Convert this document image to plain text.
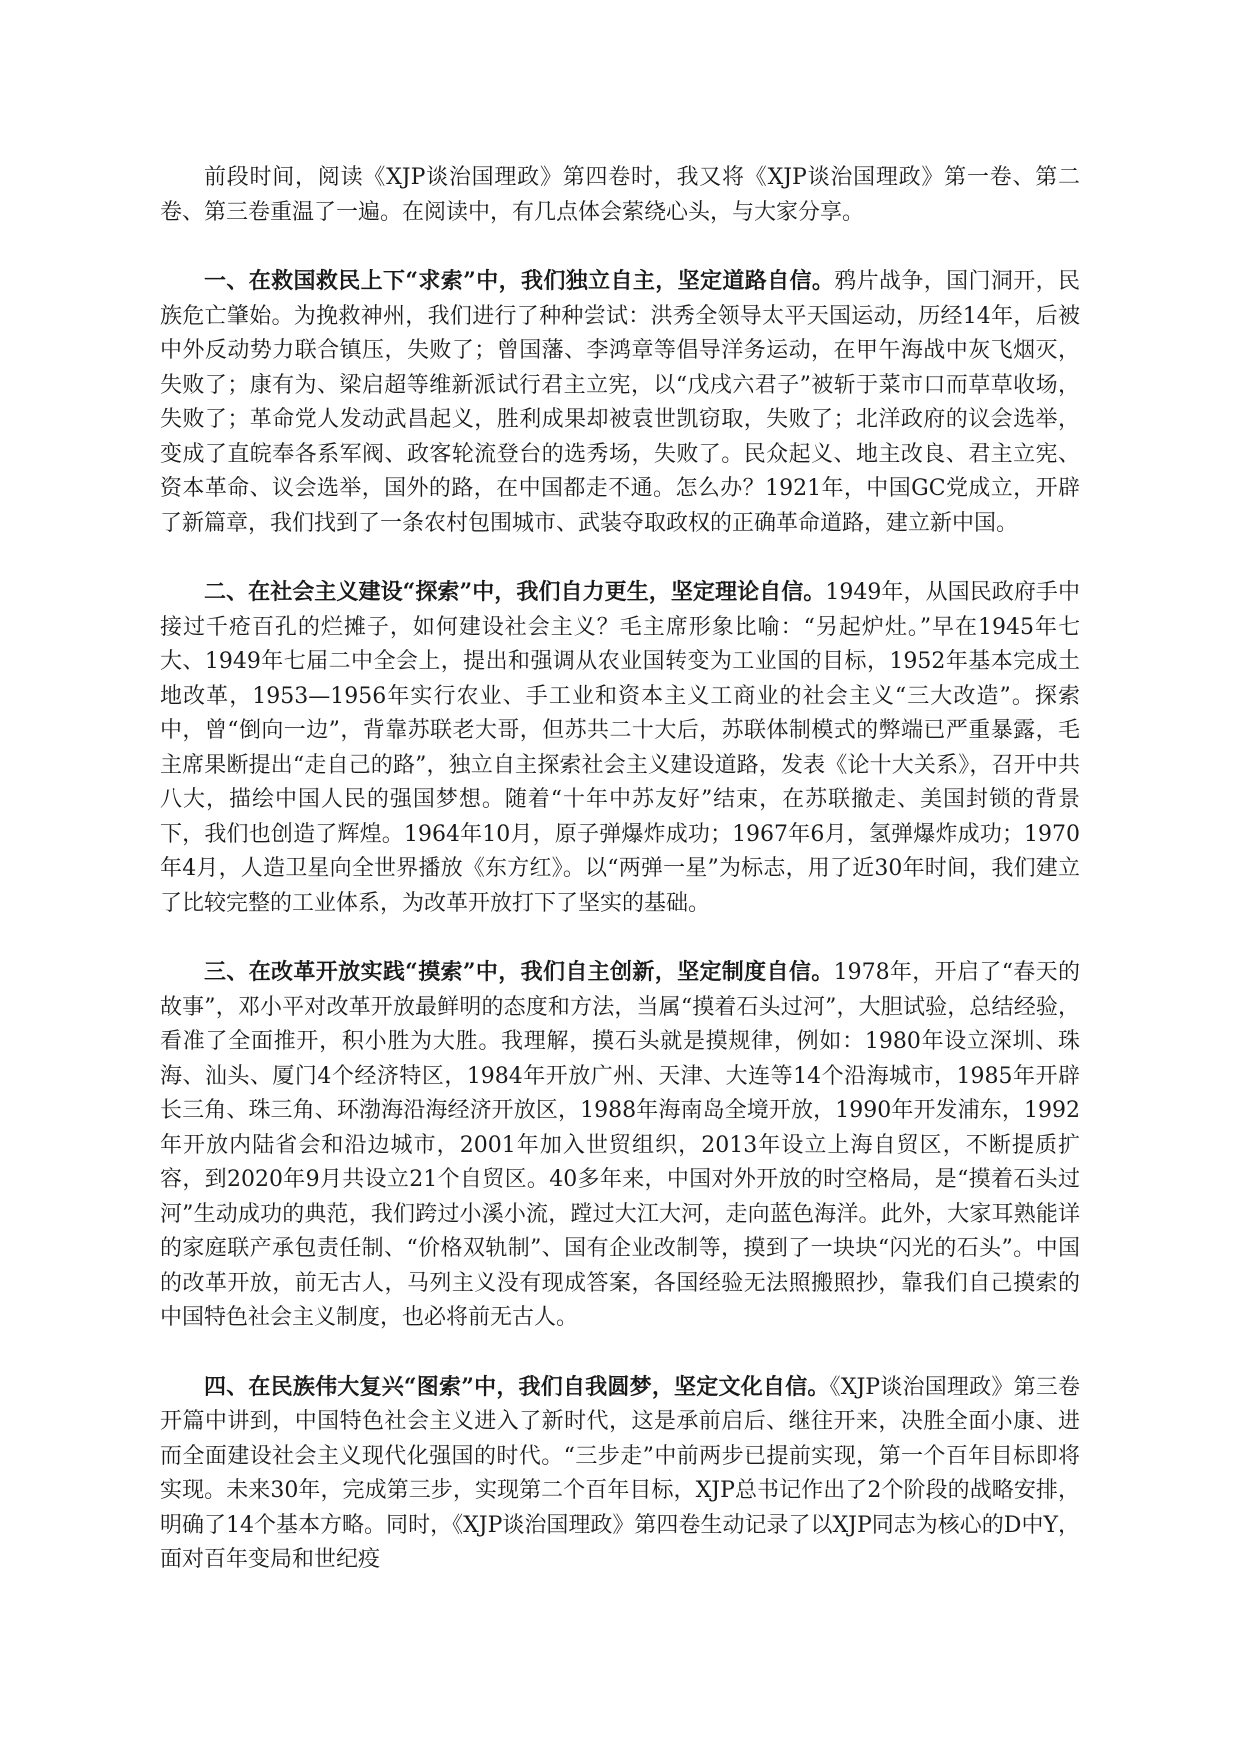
前段时间，阅读《XJP谈治国理政》第四卷时，我又将《XJP谈治国理政》第一卷、第二卷、第三卷重温了一遍。在阅读中，有几点体会萦绕心头，与大家分享。

一、在救国救民上下“求索”中，我们独立自主，坚定道路自信。鸦片战争，国门洞开，民族危亡肇始。为挽救神州，我们进行了种种尝试：洪秀全领导太平天国运动，历经14年，后被中外反动势力联合镇压，失败了；曾国藩、李鸿章等倡导洋务运动，在甲午海战中灰飞烟灭，失败了；康有为、梁启超等维新派试行君主立宪，以“戊戌六君子”被斩于菜市口而草草收场，失败了；革命党人发动武昌起义，胜利成果却被袁世凯窃取，失败了；北洋政府的议会选举，变成了直皖奉各系军阀、政客轮流登台的选秀场，失败了。民众起义、地主改良、君主立宪、资本革命、议会选举，国外的路，在中国都走不通。怎么办？1921年，中国GC党成立，开辟了新篇章，我们找到了一条农村包围城市、武装夺取政权的正确革命道路，建立新中国。

二、在社会主义建设“探索”中，我们自力更生，坚定理论自信。1949年，从国民政府手中接过千疮百孔的烂摊子，如何建设社会主义？毛主席形象比喻：“另起炉灶。”早在1945年七大、1949年七届二中全会上，提出和强调从农业国转变为工业国的目标，1952年基本完成土地改革，1953—1956年实行农业、手工业和资本主义工商业的社会主义“三大改造”。探索中，曾“倒向一边”，背靠苏联老大哥，但苏共二十大后，苏联体制模式的弊端已严重暴露，毛主席果断提出“走自己的路”，独立自主探索社会主义建设道路，发表《论十大关系》，召开中共八大，描绘中国人民的强国梦想。随着“十年中苏友好”结束，在苏联撤走、美国封锁的背景下，我们也创造了辉煌。1964年10月，原子弹爆炸成功；1967年6月，氢弹爆炸成功；1970年4月，人造卫星向全世界播放《东方红》。以“两弹一星”为标志，用了近30年时间，我们建立了比较完整的工业体系，为改革开放打下了坚实的基础。

三、在改革开放实践“摸索”中，我们自主创新，坚定制度自信。1978年，开启了“春天的故事”，邓小平对改革开放最鲜明的态度和方法，当属“摸着石头过河”，大胆试验，总结经验，看准了全面推开，积小胜为大胜。我理解，摸石头就是摸规律，例如：1980年设立深圳、珠海、汕头、厦门4个经济特区，1984年开放广州、天津、大连等14个沿海城市，1985年开辟长三角、珠三角、环渤海沿海经济开放区，1988年海南岛全境开放，1990年开发浦东，1992年开放内陆省会和沿边城市，2001年加入世贸组织，2013年设立上海自贸区，不断提质扩容，到2020年9月共设立21个自贸区。40多年来，中国对外开放的时空格局，是“摸着石头过河”生动成功的典范，我们跨过小溪小流，蹚过大江大河，走向蓝色海洋。此外，大家耳熟能详的家庭联产承包责任制、“价格双轨制”、国有企业改制等，摸到了一块块“闪光的石头”。中国的改革开放，前无古人，马列主义没有现成答案，各国经验无法照搬照抄，靠我们自己摸索的中国特色社会主义制度，也必将前无古人。

四、在民族伟大复兴“图索”中，我们自我圆梦，坚定文化自信。《XJP谈治国理政》第三卷开篇中讲到，中国特色社会主义进入了新时代，这是承前启后、继往开来，决胜全面小康、进而全面建设社会主义现代化强国的时代。“三步走”中前两步已提前实现，第一个百年目标即将实现。未来30年，完成第三步，实现第二个百年目标，XJP总书记作出了2个阶段的战略安排，明确了14个基本方略。同时，《XJP谈治国理政》第四卷生动记录了以XJP同志为核心的D中Y，面对百年变局和世纪疫
